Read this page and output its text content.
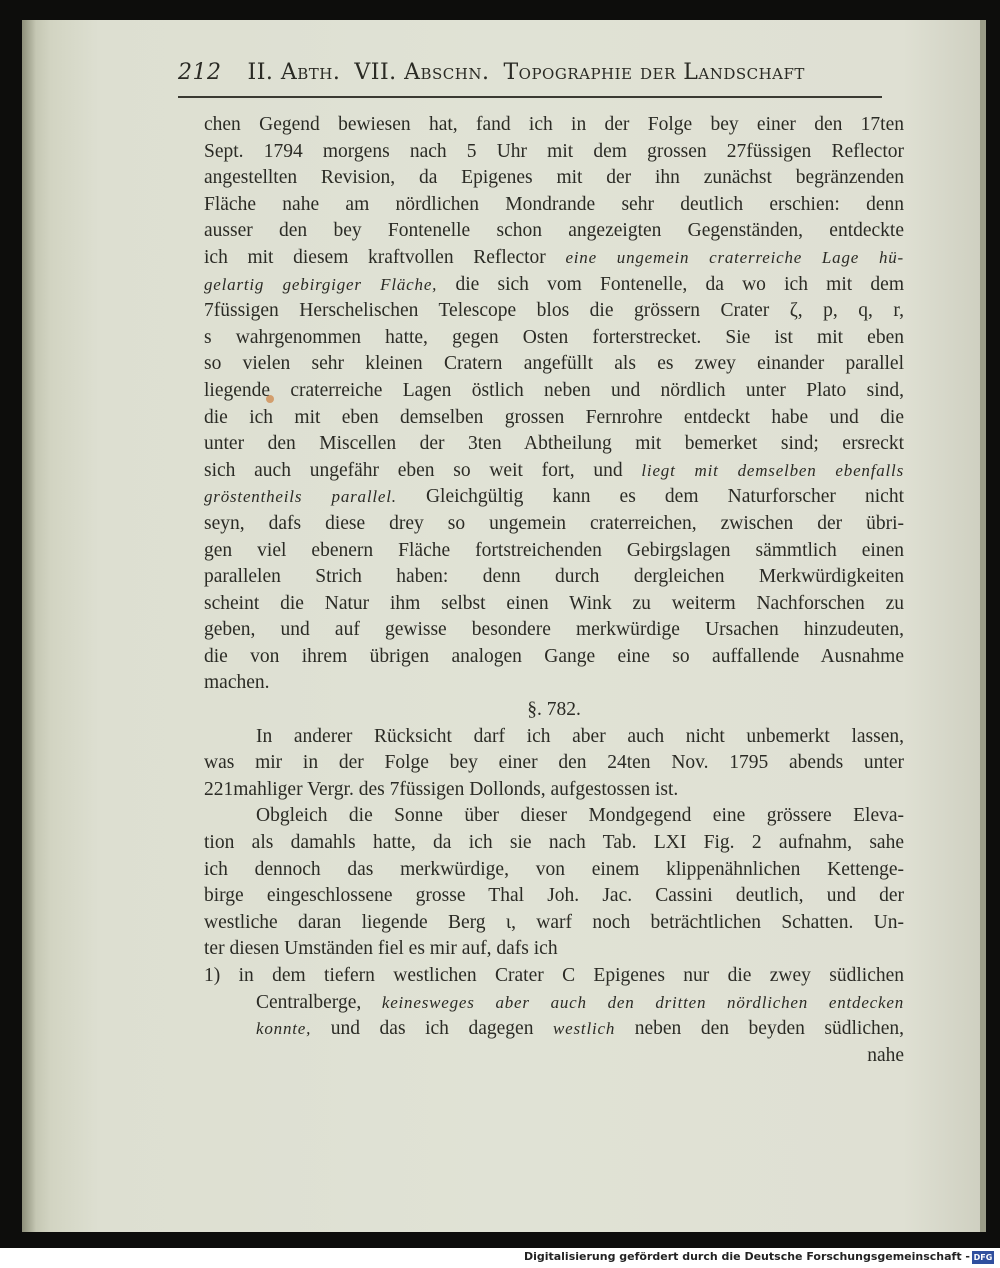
212 II. Abth. VII. Abschn. Topographie der Landschaft
chen Gegend bewiesen hat, fand ich in der Folge bey einer den 17ten
Sept. 1794 morgens nach 5 Uhr mit dem grossen 27füssigen Reflector
angestellten Revision, da Epigenes mit der ihn zunächst begränzenden
Fläche nahe am nördlichen Mondrande sehr deutlich erschien: denn
ausser den bey Fontenelle schon angezeigten Gegenständen, entdeckte
ich mit diesem kraftvollen Reflector eine ungemein craterreiche Lage hü-
gelartig gebirgiger Fläche, die sich vom Fontenelle, da wo ich mit dem
7füssigen Herschelischen Telescope blos die grössern Crater ζ, p, q, r,
s wahrgenommen hatte, gegen Osten forterstrecket. Sie ist mit eben
so vielen sehr kleinen Cratern angefüllt als es zwey einander parallel
liegende craterreiche Lagen östlich neben und nördlich unter Plato sind,
die ich mit eben demselben grossen Fernrohre entdeckt habe und die
unter den Miscellen der 3ten Abtheilung mit bemerket sind; ersreckt
sich auch ungefähr eben so weit fort, und liegt mit demselben ebenfalls
gröstentheils parallel. Gleichgültig kann es dem Naturforscher nicht
seyn, dafs diese drey so ungemein craterreichen, zwischen der übri-
gen viel ebenern Fläche fortstreichenden Gebirgslagen sämmtlich einen
parallelen Strich haben: denn durch dergleichen Merkwürdigkeiten
scheint die Natur ihm selbst einen Wink zu weiterm Nachforschen zu
geben, und auf gewisse besondere merkwürdige Ursachen hinzudeuten,
die von ihrem übrigen analogen Gange eine so auffallende Ausnahme
machen.
§. 782.
In anderer Rücksicht darf ich aber auch nicht unbemerkt lassen,
was mir in der Folge bey einer den 24ten Nov. 1795 abends unter
221mahliger Vergr. des 7füssigen Dollonds, aufgestossen ist.
Obgleich die Sonne über dieser Mondgegend eine grössere Eleva-
tion als damahls hatte, da ich sie nach Tab. LXI Fig. 2 aufnahm, sahe
ich dennoch das merkwürdige, von einem klippenähnlichen Kettenge-
birge eingeschlossene grosse Thal Joh. Jac. Cassini deutlich, und der
westliche daran liegende Berg ι, warf noch beträchtlichen Schatten. Un-
ter diesen Umständen fiel es mir auf, dafs ich
1) in dem tiefern westlichen Crater C Epigenes nur die zwey südlichen
Centralberge, keinesweges aber auch den dritten nördlichen entdecken
konnte, und das ich dagegen westlich neben den beyden südlichen,
nahe
Digitalisierung gefördert durch die Deutsche Forschungsgemeinschaft - DFG
